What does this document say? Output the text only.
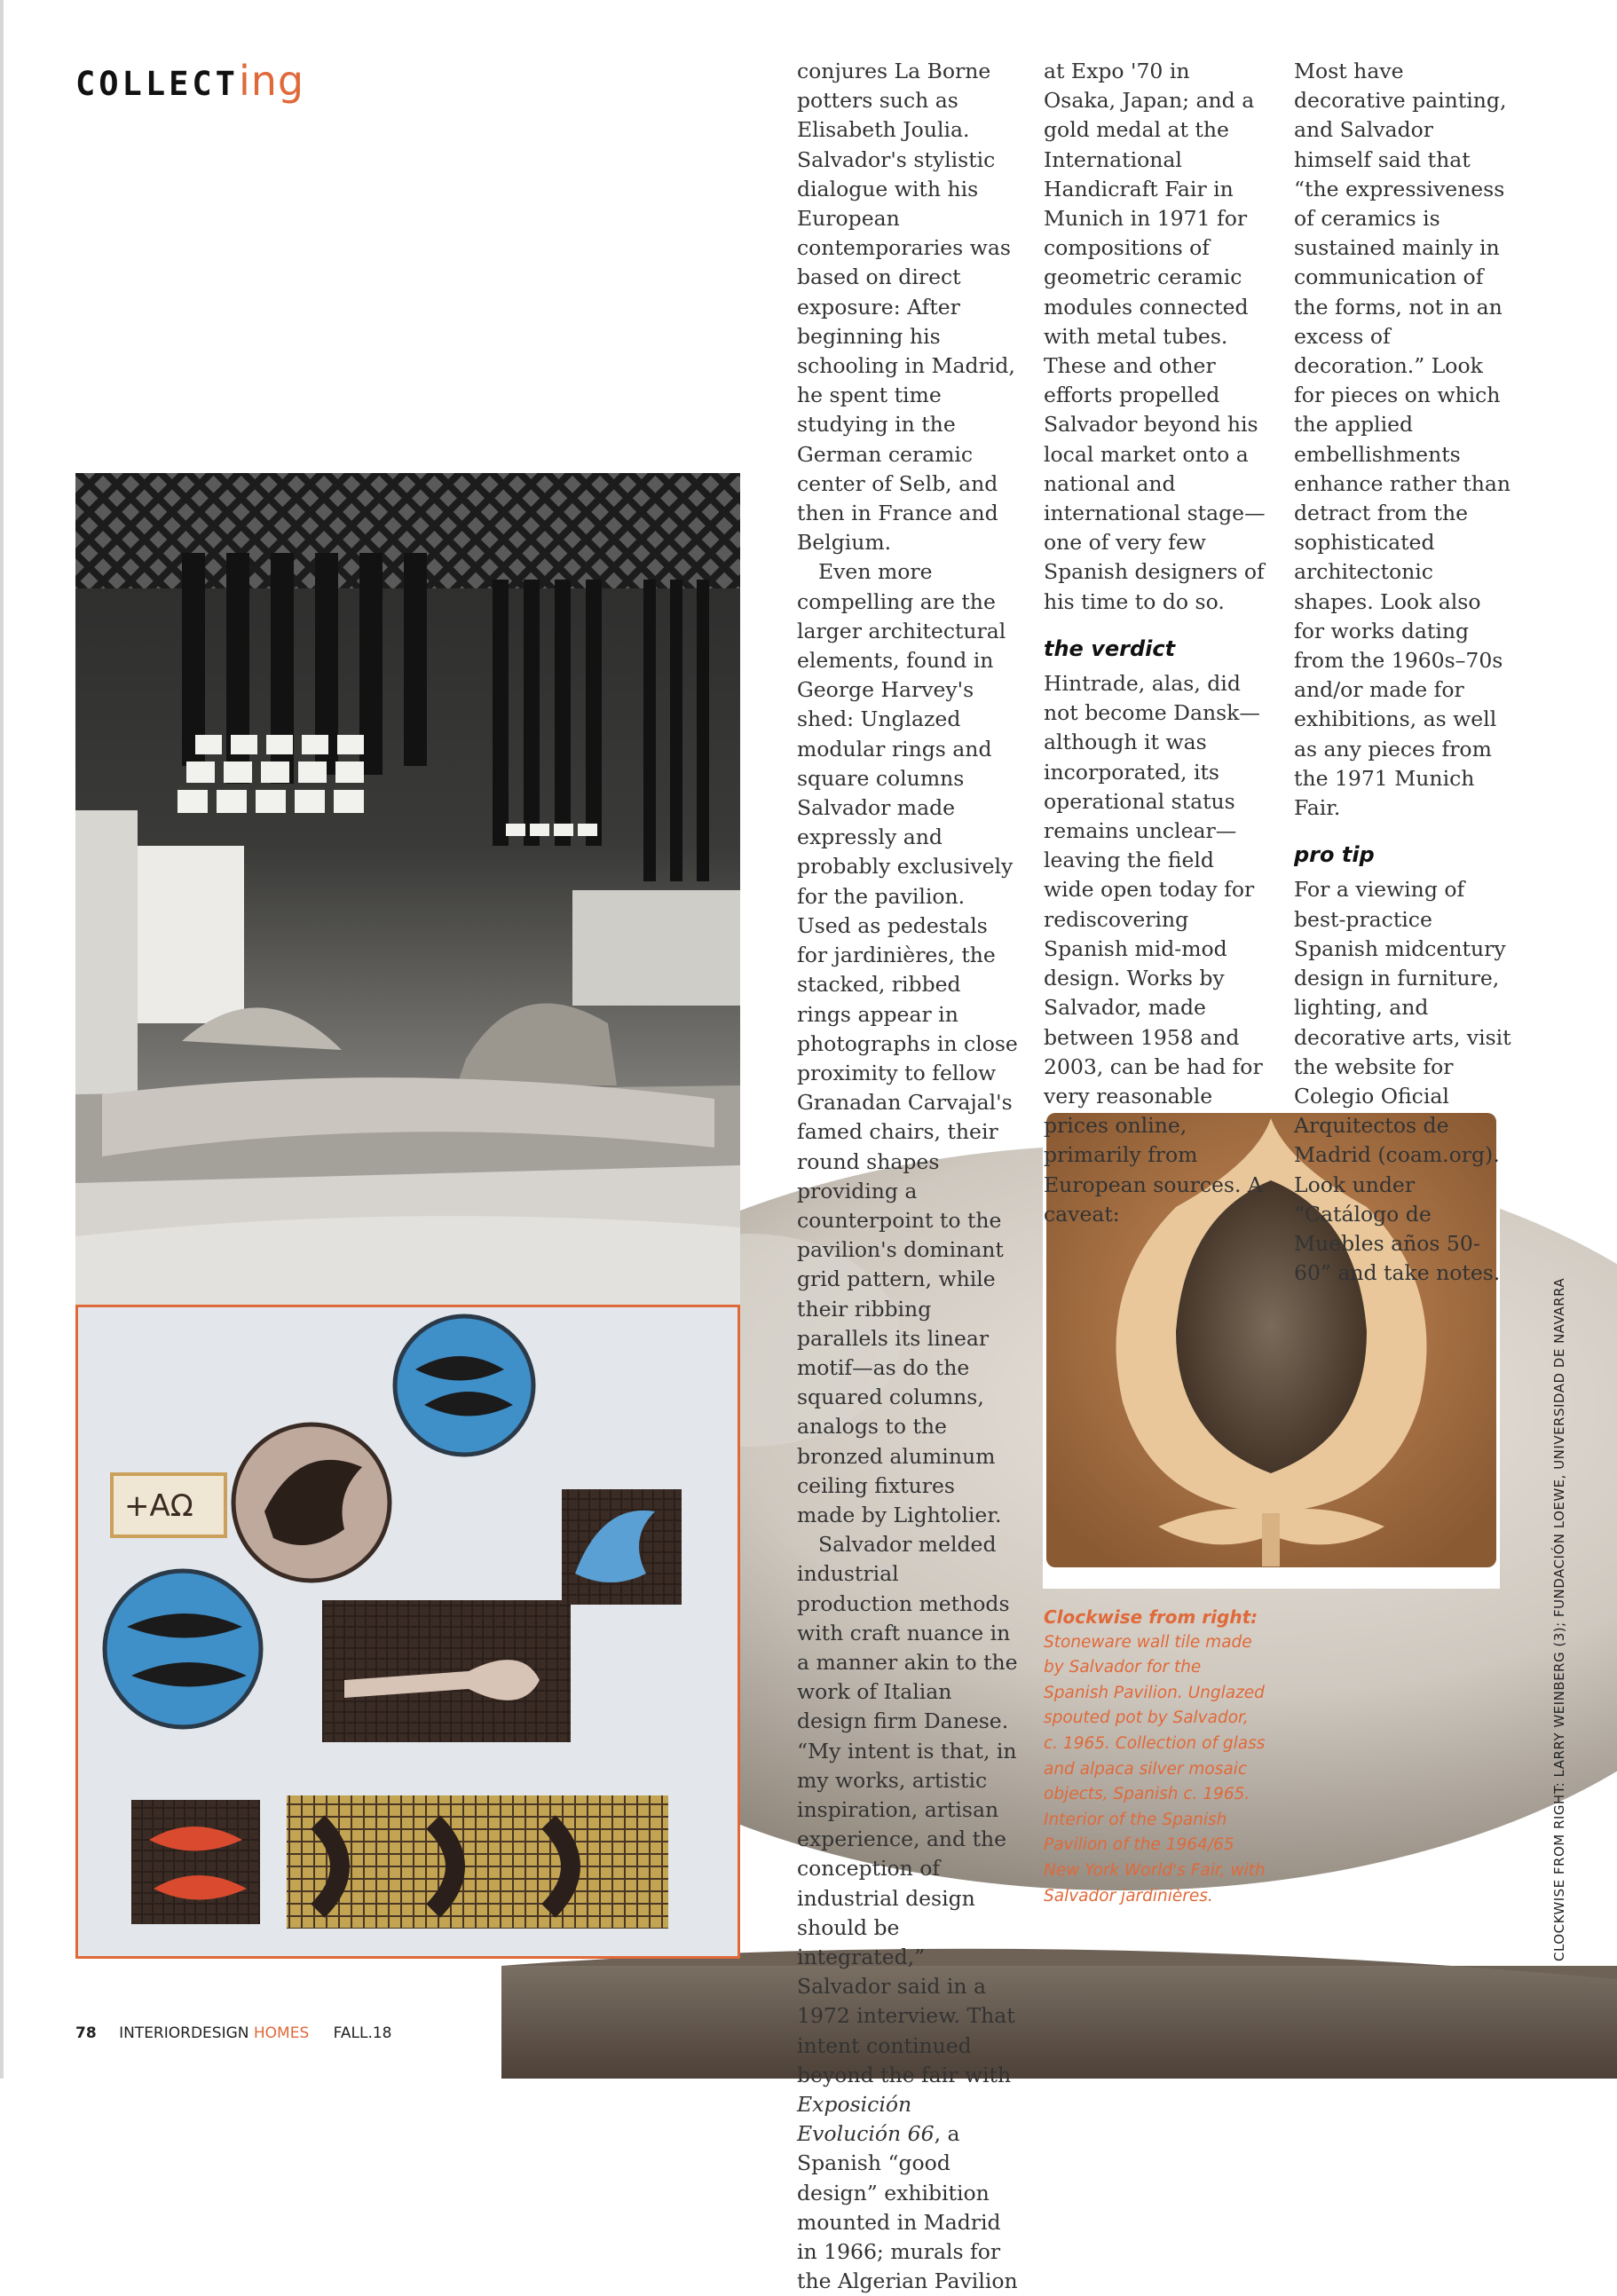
COLLECTing
+AΩ

conjures La Borne potters such as Elisabeth Joulia. Salvador's stylistic dialogue with his European contemporaries was based on direct exposure: After beginning his schooling in Madrid, he spent time studying in the German ceramic center of Selb, and then in France and Belgium.

Even more compelling are the larger architectural elements, found in George Harvey's shed: Unglazed modular rings and square columns Salvador made expressly and probably exclusively for the pavilion. Used as pedestals for jardinières, the stacked, ribbed rings appear in photographs in close proximity to fellow Granadan Carvajal's famed chairs, their round shapes providing a counterpoint to the pavilion's dominant grid pattern, while their ribbing parallels its linear motif—as do the squared columns, analogs to the bronzed aluminum ceiling fixtures made by Lightolier.

Salvador melded industrial production methods with craft nuance in a manner akin to the work of Italian design firm Danese. “My intent is that, in my works, artistic inspiration, artisan experience, and the conception of industrial design should be integrated,” Salvador said in a 1972 interview. That intent continued beyond the fair with Exposición Evolución 66, a Spanish “good design” exhibition mounted in Madrid in 1966; murals for the Algerian Pavilion

at Expo '70 in Osaka, Japan; and a gold medal at the International Handicraft Fair in Munich in 1971 for compositions of geometric ceramic modules connected with metal tubes. These and other efforts propelled Salvador beyond his local market onto a national and international stage—one of very few Spanish designers of his time to do so.

the verdict

Hintrade, alas, did not become Dansk—although it was incorporated, its operational status remains unclear—leaving the field wide open today for rediscovering Spanish mid-mod design. Works by Salvador, made between 1958 and 2003, can be had for very reasonable prices online, primarily from European sources. A caveat:

Most have decorative painting, and Salvador himself said that “the expressiveness of ceramics is sustained mainly in communication of the forms, not in an excess of decoration.” Look for pieces on which the applied embellishments enhance rather than detract from the sophisticated architectonic shapes. Look also for works dating from the 1960s–70s and/or made for exhibitions, as well as any pieces from the 1971 Munich Fair.

pro tip

For a viewing of best-practice Spanish midcentury design in furniture, lighting, and decorative arts, visit the website for Colegio Oficial Arquitectos de Madrid (coam.org). Look under “Catálogo de Muebles años 50-60” and take notes.

Clockwise from right:
Stoneware wall tile made by Salvador for the Spanish Pavilion. Unglazed spouted pot by Salvador, c. 1965. Collection of glass and alpaca silver mosaic objects, Spanish c. 1965. Interior of the Spanish Pavilion of the 1964/65 New York World's Fair, with Salvador jardinières.	CLOCKWISE FROM RIGHT: LARRY WEINBERG (3); FUNDACIÓN LOEWE, UNIVERSIDAD DE NAVARRA
78 INTERIORDESIGN HOMES FALL.18
